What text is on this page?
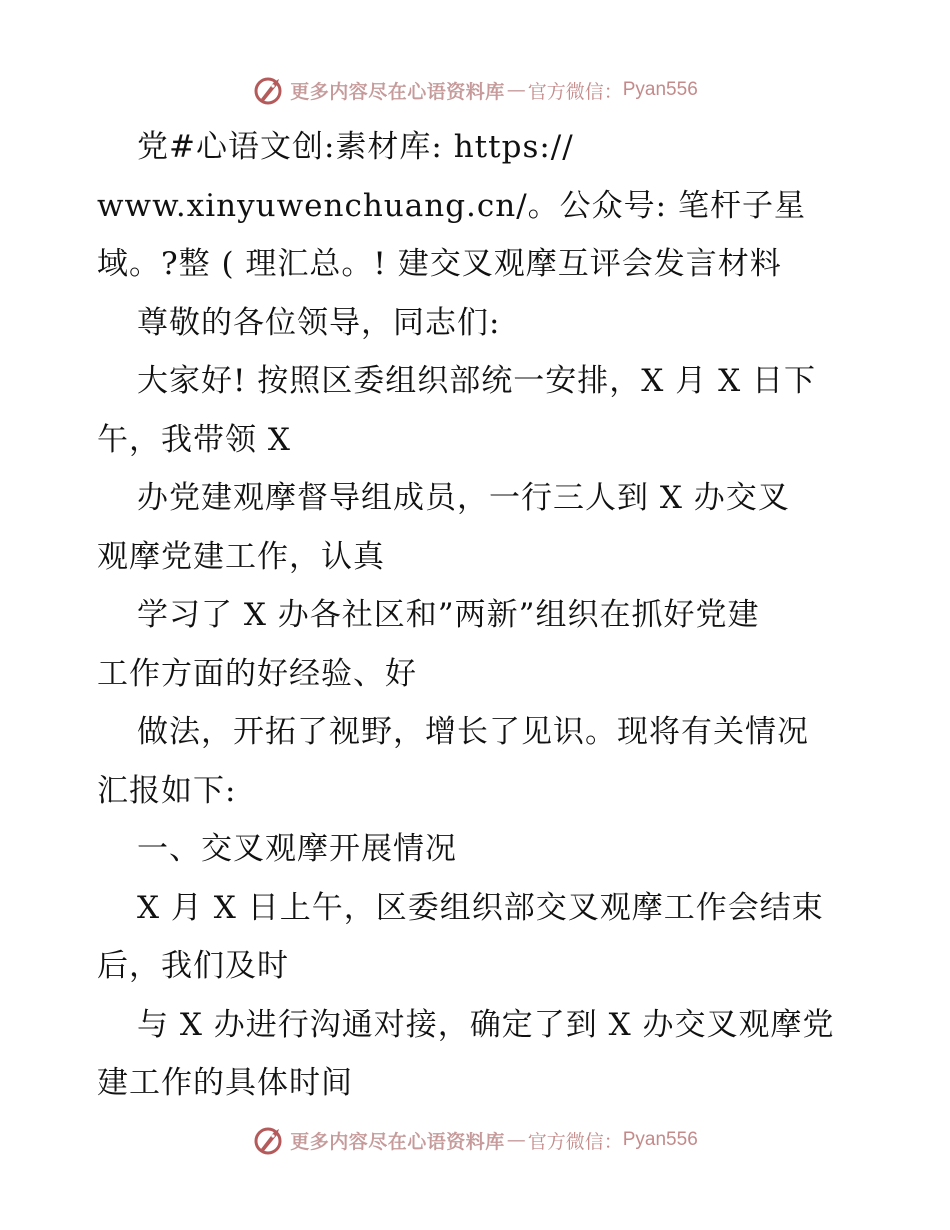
更多内容尽在心语资料库 — 官方微信： Pyan556
党#心语文创:素材库: https://
www.xinyuwenchuang.cn/。公众号: 笔杆子星
域。?整 ( 理汇总。! 建交叉观摩互评会发言材料
尊敬的各位领导，同志们:
大家好! 按照区委组织部统一安排，X 月 X 日下
午，我带领 X
办党建观摩督导组成员，一行三人到 X 办交叉
观摩党建工作，认真
学习了 X 办各社区和”两新”组织在抓好党建
工作方面的好经验、好
做法，开拓了视野，增长了见识。现将有关情况
汇报如下:
一、交叉观摩开展情况
X 月 X 日上午，区委组织部交叉观摩工作会结束
后，我们及时
与 X 办进行沟通对接，确定了到 X 办交叉观摩党
建工作的具体时间
更多内容尽在心语资料库 — 官方微信： Pyan556
